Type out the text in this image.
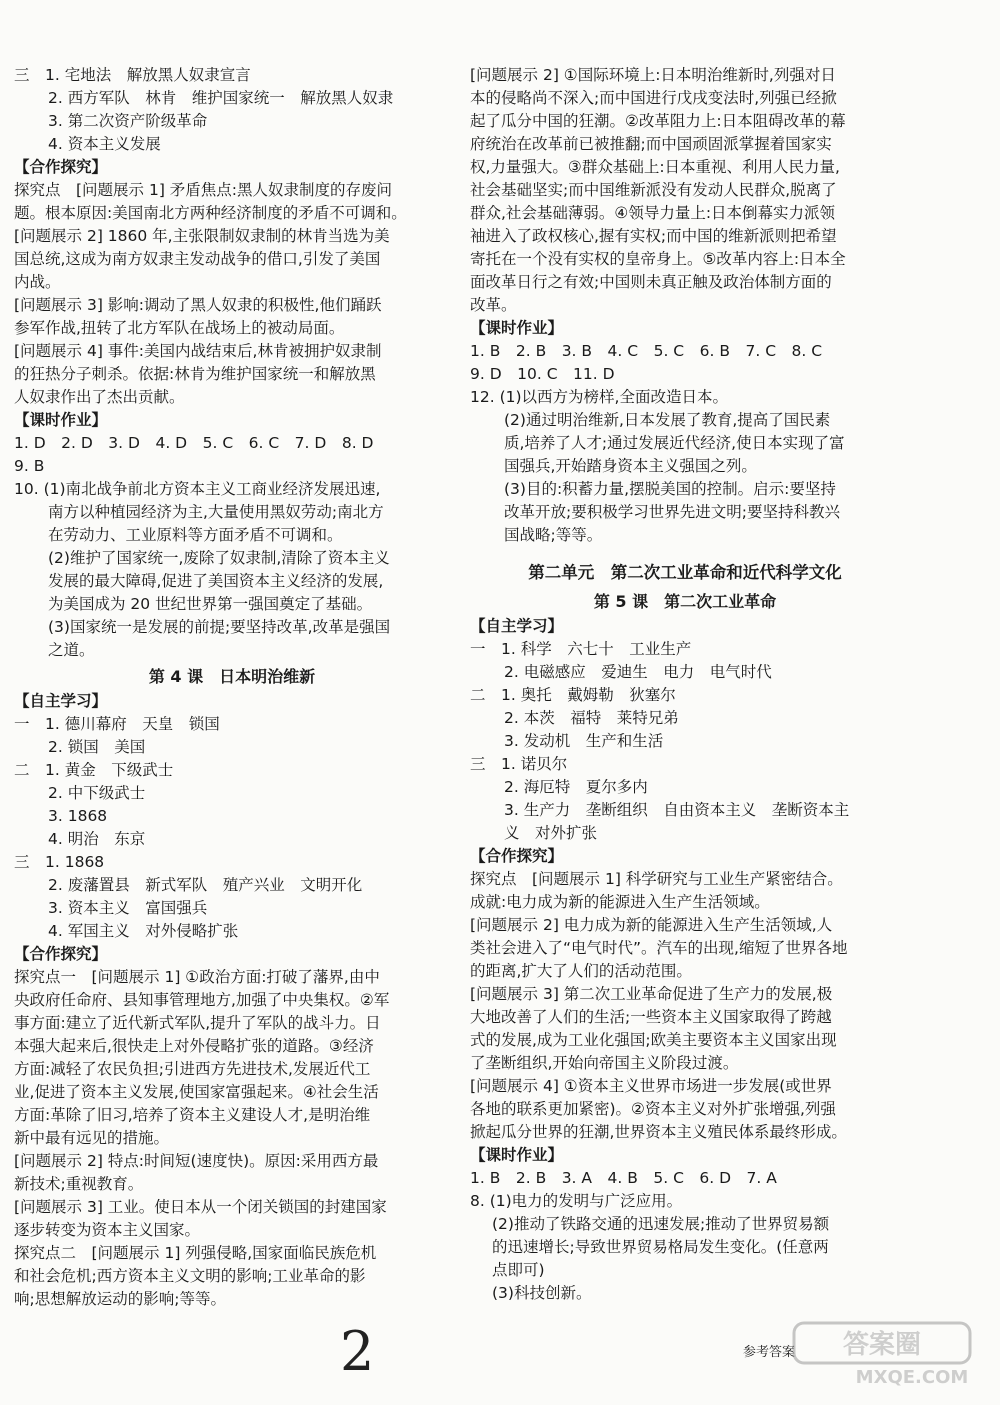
三　1. 宅地法　解放黑人奴隶宣言
2. 西方军队　林肯　维护国家统一　解放黑人奴隶
3. 第二次资产阶级革命
4. 资本主义发展
【合作探究】
探究点　[问题展示 1] 矛盾焦点:黑人奴隶制度的存废问
题。根本原因:美国南北方两种经济制度的矛盾不可调和。
[问题展示 2] 1860 年,主张限制奴隶制的林肯当选为美
国总统,这成为南方奴隶主发动战争的借口,引发了美国
内战。
[问题展示 3] 影响:调动了黑人奴隶的积极性,他们踊跃
参军作战,扭转了北方军队在战场上的被动局面。
[问题展示 4] 事件:美国内战结束后,林肯被拥护奴隶制
的狂热分子刺杀。依据:林肯为维护国家统一和解放黑
人奴隶作出了杰出贡献。
【课时作业】
1. D　2. D　3. D　4. D　5. C　6. C　7. D　8. D
9. B
10. (1)南北战争前北方资本主义工商业经济发展迅速,
南方以种植园经济为主,大量使用黑奴劳动;南北方
在劳动力、工业原料等方面矛盾不可调和。
(2)维护了国家统一,废除了奴隶制,清除了资本主义
发展的最大障碍,促进了美国资本主义经济的发展,
为美国成为 20 世纪世界第一强国奠定了基础。
(3)国家统一是发展的前提;要坚持改革,改革是强国
之道。
第 4 课　日本明治维新
【自主学习】
一　1. 德川幕府　天皇　锁国
2. 锁国　美国
二　1. 黄金　下级武士
2. 中下级武士
3. 1868
4. 明治　东京
三　1. 1868
2. 废藩置县　新式军队　殖产兴业　文明开化
3. 资本主义　富国强兵
4. 军国主义　对外侵略扩张
【合作探究】
探究点一　[问题展示 1] ①政治方面:打破了藩界,由中
央政府任命府、县知事管理地方,加强了中央集权。②军
事方面:建立了近代新式军队,提升了军队的战斗力。日
本强大起来后,很快走上对外侵略扩张的道路。③经济
方面:减轻了农民负担;引进西方先进技术,发展近代工
业,促进了资本主义发展,使国家富强起来。④社会生活
方面:革除了旧习,培养了资本主义建设人才,是明治维
新中最有远见的措施。
[问题展示 2] 特点:时间短(速度快)。原因:采用西方最
新技术;重视教育。
[问题展示 3] 工业。使日本从一个闭关锁国的封建国家
逐步转变为资本主义国家。
探究点二　[问题展示 1] 列强侵略,国家面临民族危机
和社会危机;西方资本主义文明的影响;工业革命的影
响;思想解放运动的影响;等等。
[问题展示 2] ①国际环境上:日本明治维新时,列强对日
本的侵略尚不深入;而中国进行戊戌变法时,列强已经掀
起了瓜分中国的狂潮。②改革阻力上:日本阻碍改革的幕
府统治在改革前已被推翻;而中国顽固派掌握着国家实
权,力量强大。③群众基础上:日本重视、利用人民力量,
社会基础坚实;而中国维新派没有发动人民群众,脱离了
群众,社会基础薄弱。④领导力量上:日本倒幕实力派领
袖进入了政权核心,握有实权;而中国的维新派则把希望
寄托在一个没有实权的皇帝身上。⑤改革内容上:日本全
面改革日行之有效;中国则未真正触及政治体制方面的
改革。
【课时作业】
1. B　2. B　3. B　4. C　5. C　6. B　7. C　8. C
9. D　10. C　11. D
12. (1)以西方为榜样,全面改造日本。
(2)通过明治维新,日本发展了教育,提高了国民素
质,培养了人才;通过发展近代经济,使日本实现了富
国强兵,开始踏身资本主义强国之列。
(3)目的:积蓄力量,摆脱美国的控制。启示:要坚持
改革开放;要积极学习世界先进文明;要坚持科教兴
国战略;等等。
第二单元　第二次工业革命和近代科学文化
第 5 课　第二次工业革命
【自主学习】
一　1. 科学　六七十　工业生产
2. 电磁感应　爱迪生　电力　电气时代
二　1. 奥托　戴姆勒　狄塞尔
2. 本茨　福特　莱特兄弟
3. 发动机　生产和生活
三　1. 诺贝尔
2. 海厄特　夏尔多内
3. 生产力　垄断组织　自由资本主义　垄断资本主
义　对外扩张
【合作探究】
探究点　[问题展示 1] 科学研究与工业生产紧密结合。
成就:电力成为新的能源进入生产生活领域。
[问题展示 2] 电力成为新的能源进入生产生活领域,人
类社会进入了“电气时代”。汽车的出现,缩短了世界各地
的距离,扩大了人们的活动范围。
[问题展示 3] 第二次工业革命促进了生产力的发展,极
大地改善了人们的生活;一些资本主义国家取得了跨越
式的发展,成为工业化强国;欧美主要资本主义国家出现
了垄断组织,开始向帝国主义阶段过渡。
[问题展示 4] ①资本主义世界市场进一步发展(或世界
各地的联系更加紧密)。②资本主义对外扩张增强,列强
掀起瓜分世界的狂潮,世界资本主义殖民体系最终形成。
【课时作业】
1. B　2. B　3. A　4. B　5. C　6. D　7. A
8. (1)电力的发明与广泛应用。
(2)推动了铁路交通的迅速发展;推动了世界贸易额
的迅速增长;导致世界贸易格局发生变化。(任意两
点即可)
(3)科技创新。
2	参考答案 答案圈
MXQE.COM
